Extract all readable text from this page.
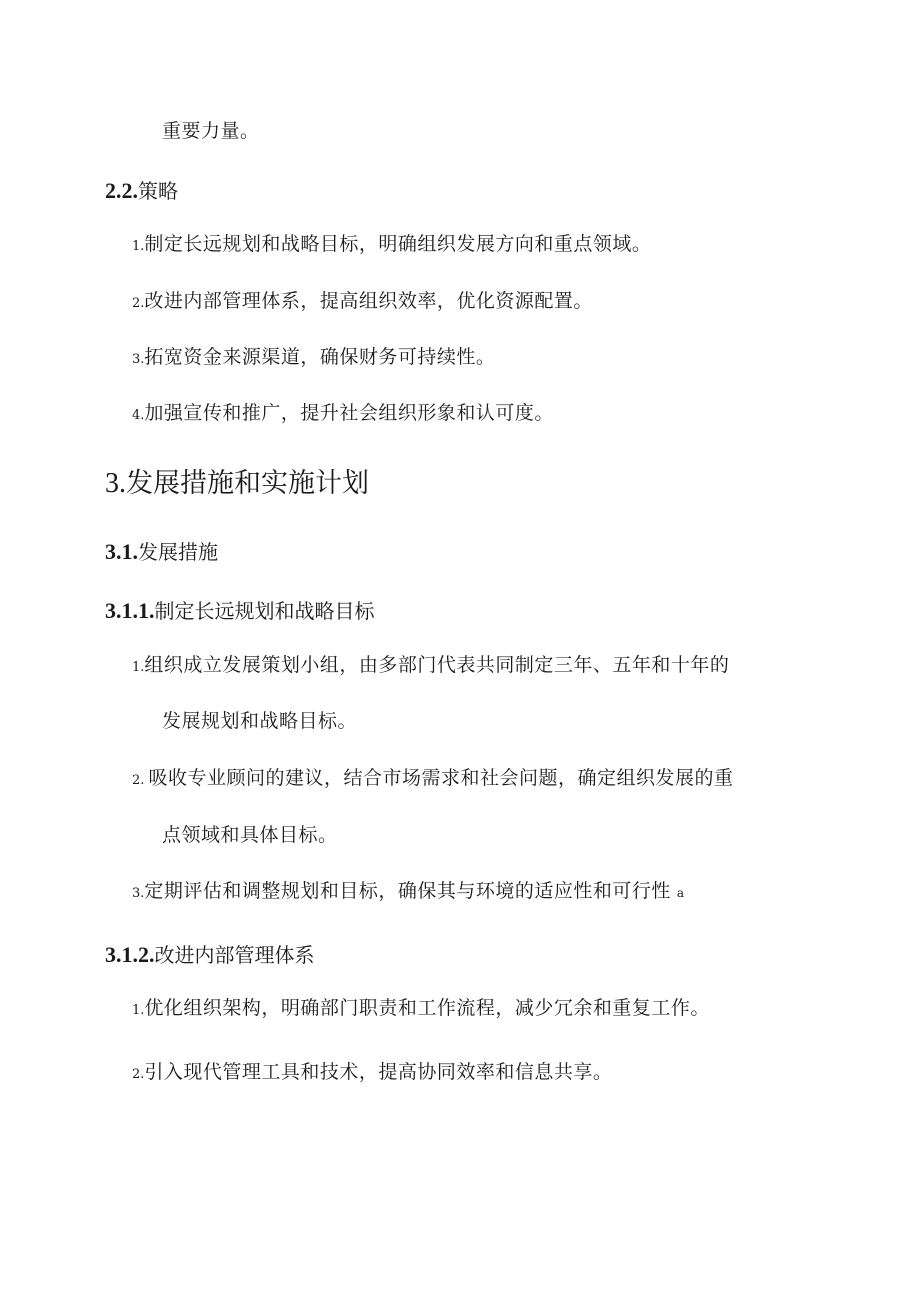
重要力量。
2.2.策略
1.制定长远规划和战略目标，明确组织发展方向和重点领域。
2.改进内部管理体系，提高组织效率，优化资源配置。
3.拓宽资金来源渠道，确保财务可持续性。
4.加强宣传和推广，提升社会组织形象和认可度。
3.发展措施和实施计划
3.1.发展措施
3.1.1.制定长远规划和战略目标
1.组织成立发展策划小组，由多部门代表共同制定三年、五年和十年的
发展规划和战略目标。
2. 吸收专业顾问的建议，结合市场需求和社会问题，确定组织发展的重
点领域和具体目标。
3.定期评估和调整规划和目标，确保其与环境的适应性和可行性 a
3.1.2.改进内部管理体系
1.优化组织架构，明确部门职责和工作流程，减少冗余和重复工作。
2.引入现代管理工具和技术，提高协同效率和信息共享。
